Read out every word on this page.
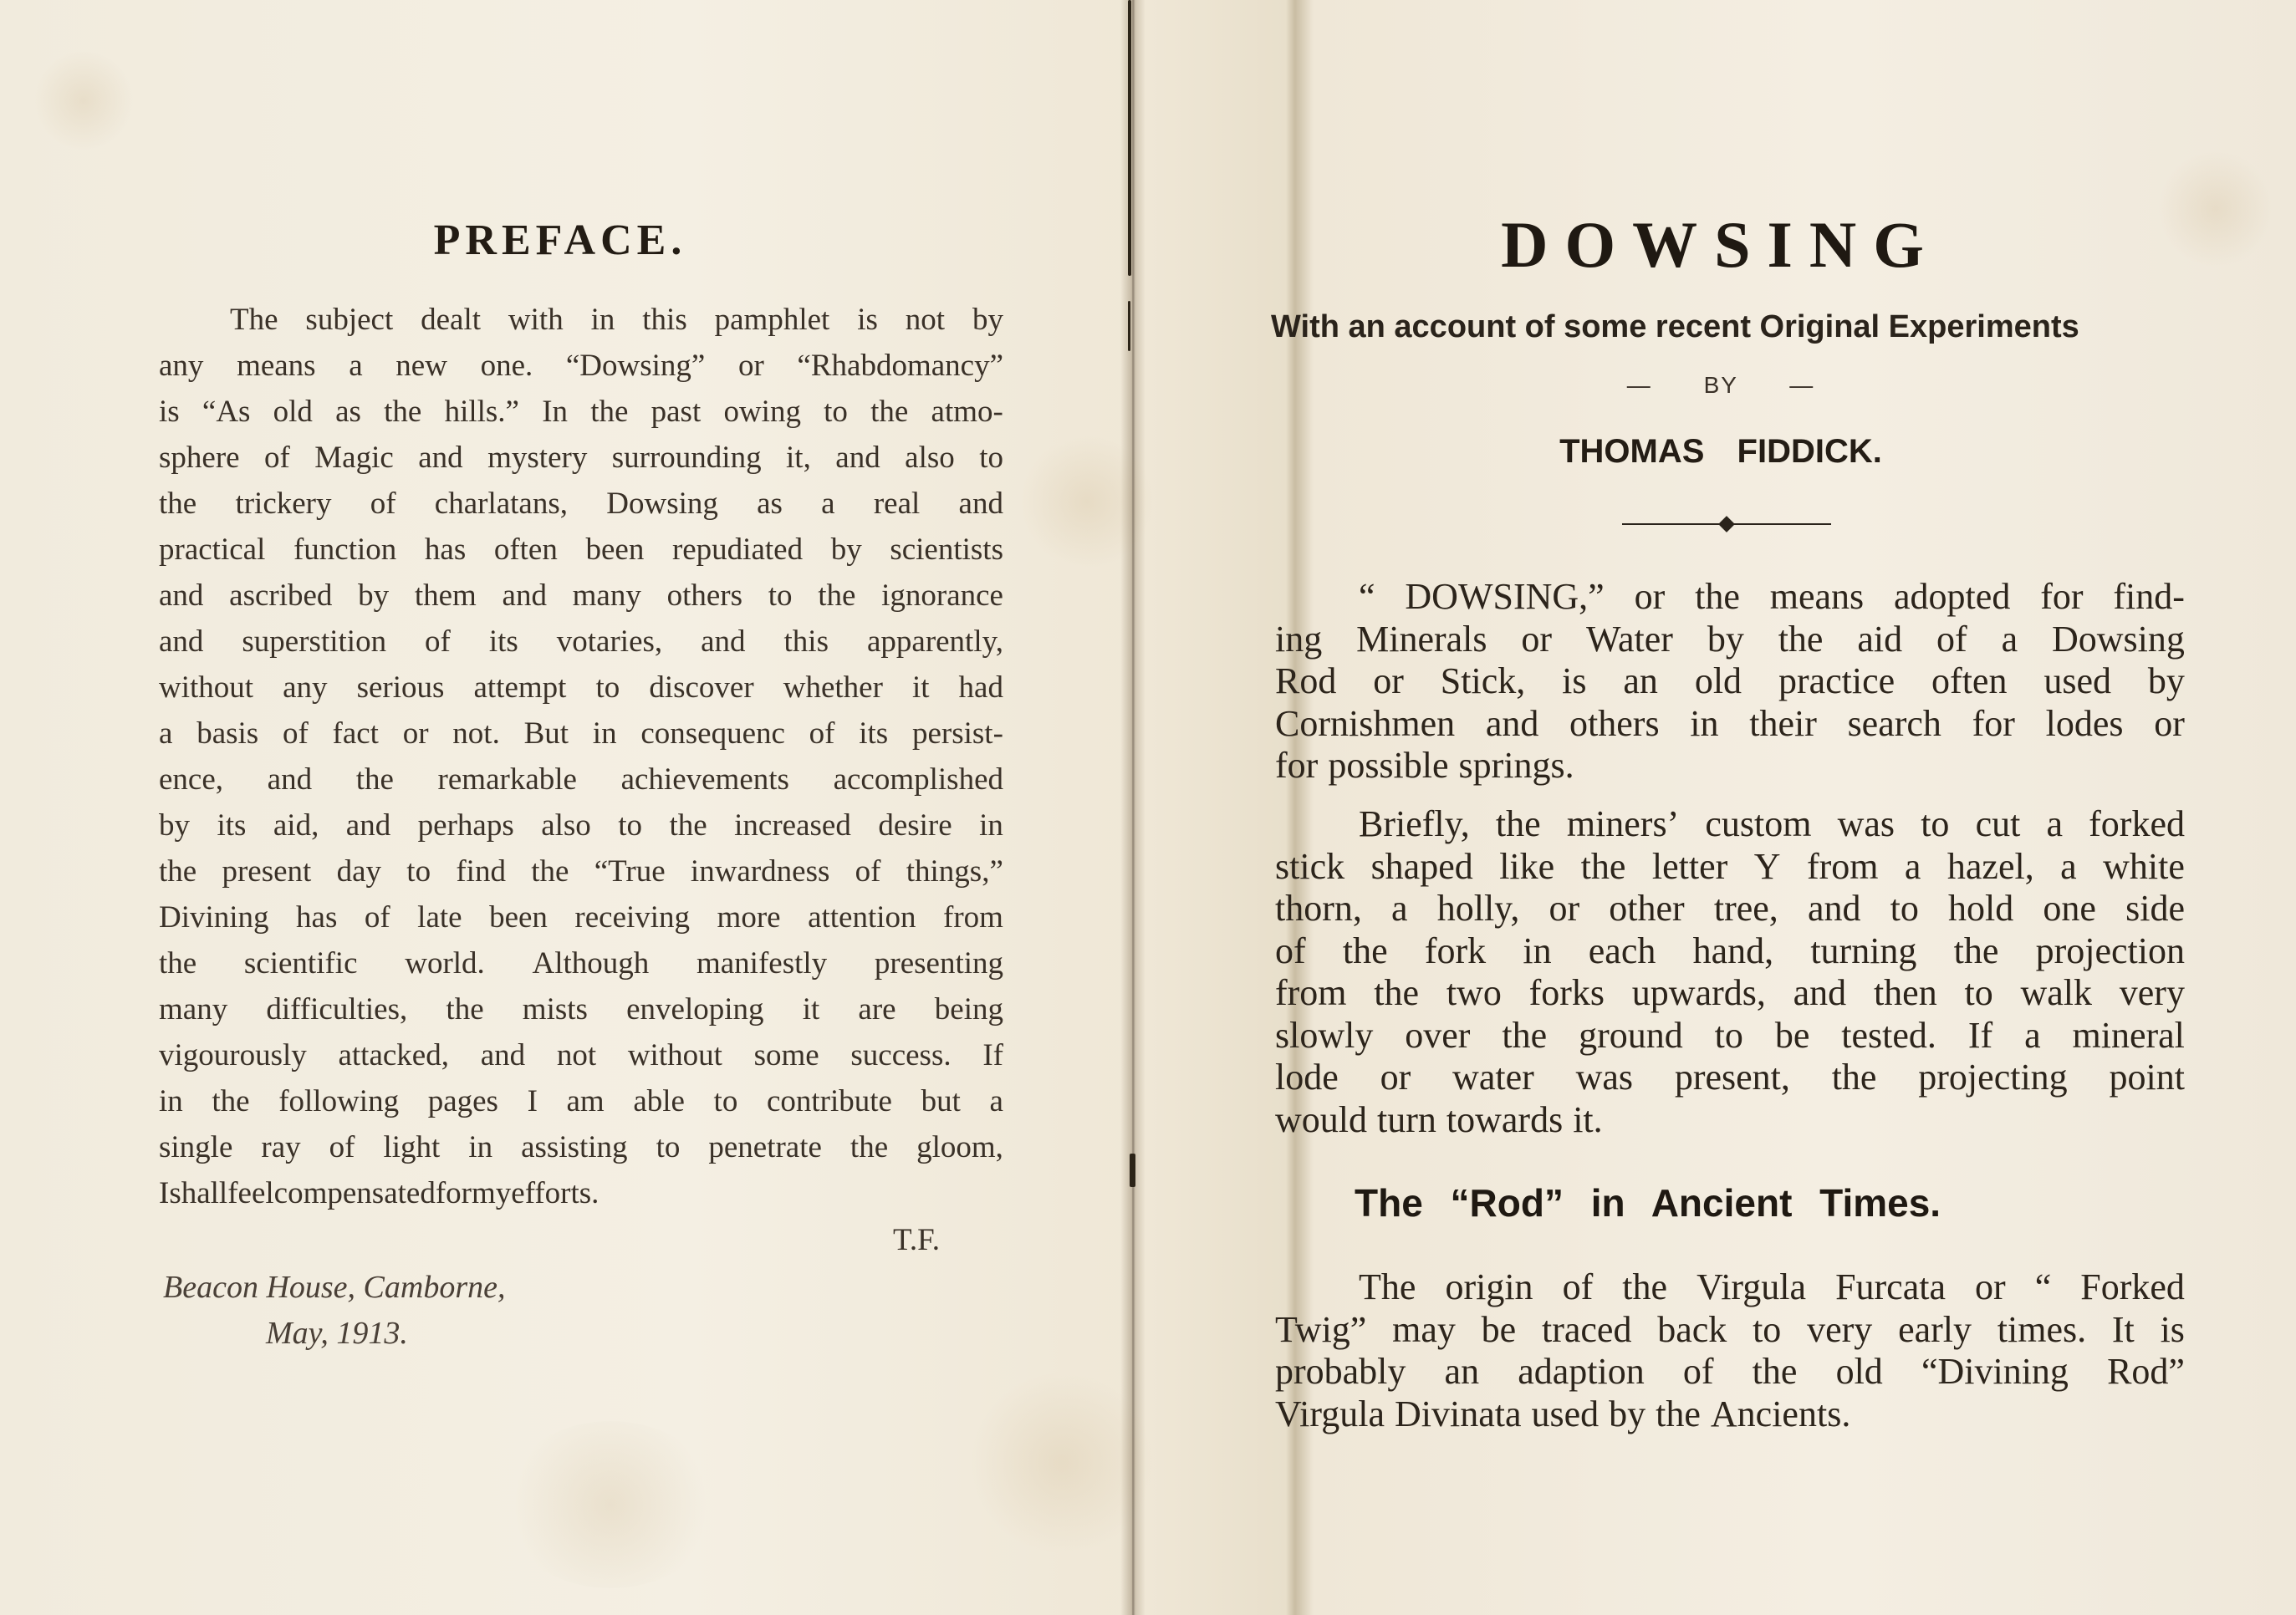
PREFACE.
The subject dealt with in this pamphlet is not by
any means a new one. “Dowsing” or “Rhabdomancy”
is “As old as the hills.” In the past owing to the atmo-
sphere of Magic and mystery surrounding it, and also to
the trickery of charlatans, Dowsing as a real and
practical function has often been repudiated by scientists
and ascribed by them and many others to the ignorance
and superstition of its votaries, and this apparently,
without any serious attempt to discover whether it had
a basis of fact or not. But in consequenc of its persist-
ence, and the remarkable achievements accomplished
by its aid, and perhaps also to the increased desire in
the present day to find the “True inwardness of things,”
Divining has of late been receiving more attention from
the scientific world. Although manifestly presenting
many difficulties, the mists enveloping it are being
vigourously attacked, and not without some success. If
in the following pages I am able to contribute but a
single ray of light in assisting to penetrate the gloom,
I shall feel compensated for my efforts.
T.F.
Beacon House, Camborne,
May, 1913.
DOWSING
With an account of some recent Original Experiments
— BY —
THOMAS FIDDICK.
“ DOWSING,” or the means adopted for find-
ing Minerals or Water by the aid of a Dowsing
Rod or Stick, is an old practice often used by
Cornishmen and others in their search for lodes or
for possible springs.
Briefly, the miners’ custom was to cut a forked
stick shaped like the letter Y from a hazel, a white
thorn, a holly, or other tree, and to hold one side
of the fork in each hand, turning the projection
from the two forks upwards, and then to walk very
slowly over the ground to be tested. If a mineral
lode or water was present, the projecting point
would turn towards it.
The “Rod” in Ancient Times.
The origin of the Virgula Furcata or “ Forked
Twig” may be traced back to very early times. It is
probably an adaption of the old “Divining Rod”
Virgula Divinata used by the Ancients.
